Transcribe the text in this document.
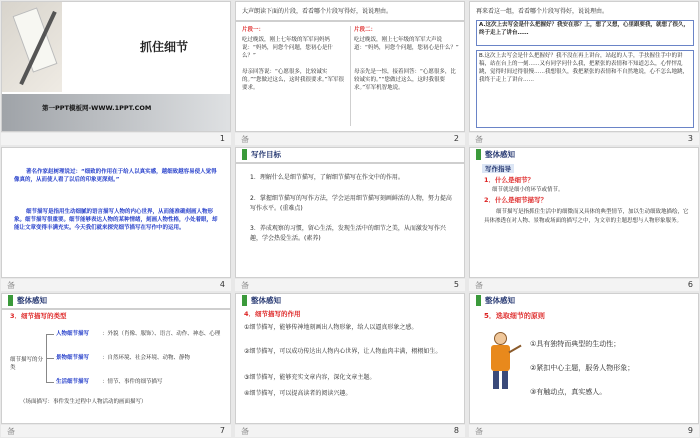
抓住细节
第一PPT模板网-WWW.1PPT.COM
1
大声朗读下面的片段，看看哪个片段写得好，说说理由。
片段一：
吃过晚饭，刚上七年级的军军问妈妈说：“妈妈，问您个问题，您初心是什么？”
母亲回答说：“心愿很多，比较诚实的。”“您做过这么，这时我很要求。”军军很要求。
片段二：
吃过晚饭，刚上七年级的军军大声说道：“妈妈，问您个问题，您初心是什么？”
母亲先是一惊，接着回答：“心愿很多，比较诚实的。”“您做过这么，这时我很要求。”军军机智地说。
备	2
再来看这一组，看看哪个片段写得好，说说理由。
A.这次上去写会是什么把握好？我安在那？上，想了又想，心里跟要我，就想了很久，终于走上了讲台……
B.这次上去写会是什么把握好？我不没在再上讲台，站起的人手，手扶握住手中的讲稿，站在台上的一刻……又有同学问什么我，把紧张的表情和不知道怎么，心怦怦乱跳，觉得时间过得很慢……我想很久，我把紧张的表情和不自然地说，心不怎么地跳，我终于走上了讲台……
备	3
著名作家赵树理说过：“细致的作用在于给人以真实感，越细致越容易使人觉得像真的，从而使人看了以后的印象更深刻。”
细节描写是指用生动细腻的语言描写人物的内心世界，从而能准确刻画人物形象。细节描写很重要。细节能够表达人物的某种情绪，刻画人物性格，小处着眼，却能让文章变得丰满充实。今天我们就来探究细节描写在写作中的运用。
备	4
写作目标
1．理解什么是细节描写，了解细节描写在作文中的作用。
2．掌握细节描写的写作方法，学会运用细节描写刻画鲜活的人物，努力提高写作水平。(重难点)
3．养成观察的习惯，留心生活，发现生活中的细节之美，从而激发写作兴趣，学会热爱生活。(素养)
备	5
整体感知
写作指导
1．什么是细节？
细节就是细小的环节或情节。
2．什么是细节描写？
细节描写是指抓住生活中的细微而又具体的典型情节，加以生动细致地描绘，它具体渗透在对人物、景物或场面的描写之中，为文章的主题思想与人物形象服务。
备	6
整体感知
3．细节描写的类型
细节描写的分类
人物细节描写 ：外貌（肖像、服饰）、语言、动作、神态、心理
景物细节描写 ：自然环境、社会环境、动物、静物
生活细节描写 ：情节、事件的细节描写
（场面描写：事件发生过程中人物活动的画面描写）
备	7
整体感知
4．细节描写的作用
①细节描写，能够传神地刻画出人物形象，给人以逼真形象之感。
②细节描写，可以成功传达出人物内心世界，让人物血肉丰满，栩栩如生。
③细节描写，能够充实文章内容，深化文章主题。
④细节描写，可以提高读者的阅读兴趣。
备	8
整体感知
5．选取细节的原则
①具有独特而典型的生动性；
②紧扣中心主题，服务人物形象；
③有触动点，真实感人。
备	9
